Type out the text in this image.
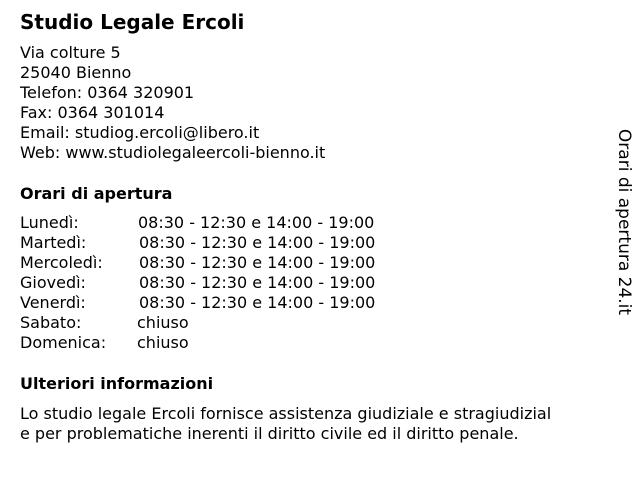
Studio Legale Ercoli
Via colture 5
25040 Bienno
Telefon: 0364 320901
Fax: 0364 301014
Email: studiog.ercoli@libero.it
Web: www.studiolegaleercoli-bienno.it
Orari di apertura
Lunedì:	08:30 - 12:30 e 14:00 - 19:00
Martedì:	08:30 - 12:30 e 14:00 - 19:00
Mercoledì: 08:30 - 12:30 e 14:00 - 19:00
Giovedì:	08:30 - 12:30 e 14:00 - 19:00
Venerdì:	08:30 - 12:30 e 14:00 - 19:00
Sabato:	chiuso
Domenica: chiuso
Ulteriori informazioni
Lo studio legale Ercoli fornisce assistenza giudiziale e stragiudizial
e per problematiche inerenti il diritto civile ed il diritto penale.
Orari di apertura 24.it
